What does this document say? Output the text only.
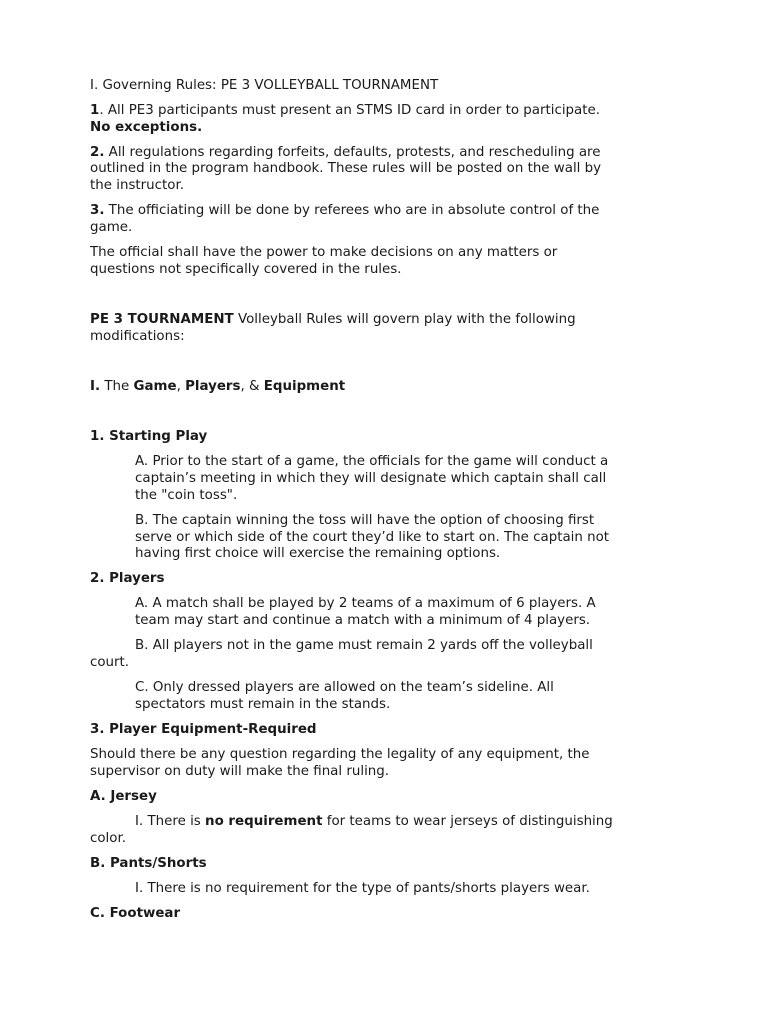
I. Governing Rules: PE 3 VOLLEYBALL TOURNAMENT
1. All PE3 participants must present an STMS ID card in order to participate.
No exceptions.
2. All regulations regarding forfeits, defaults, protests, and rescheduling are
outlined in the program handbook. These rules will be posted on the wall by
the instructor.
3. The officiating will be done by referees who are in absolute control of the
game.
The official shall have the power to make decisions on any matters or
questions not specifically covered in the rules.
PE 3 TOURNAMENT Volleyball Rules will govern play with the following
modifications:
I. The Game, Players, & Equipment
1. Starting Play
A. Prior to the start of a game, the officials for the game will conduct a
captain’s meeting in which they will designate which captain shall call
the "coin toss".
B. The captain winning the toss will have the option of choosing first
serve or which side of the court they’d like to start on. The captain not
having first choice will exercise the remaining options.
2. Players
A. A match shall be played by 2 teams of a maximum of 6 players. A
team may start and continue a match with a minimum of 4 players.
B. All players not in the game must remain 2 yards off the volleyball
court.
C. Only dressed players are allowed on the team’s sideline. All
spectators must remain in the stands.
3. Player Equipment-Required
Should there be any question regarding the legality of any equipment, the
supervisor on duty will make the final ruling.
A. Jersey
I. There is no requirement for teams to wear jerseys of distinguishing
color.
B. Pants/Shorts
I. There is no requirement for the type of pants/shorts players wear.
C. Footwear
